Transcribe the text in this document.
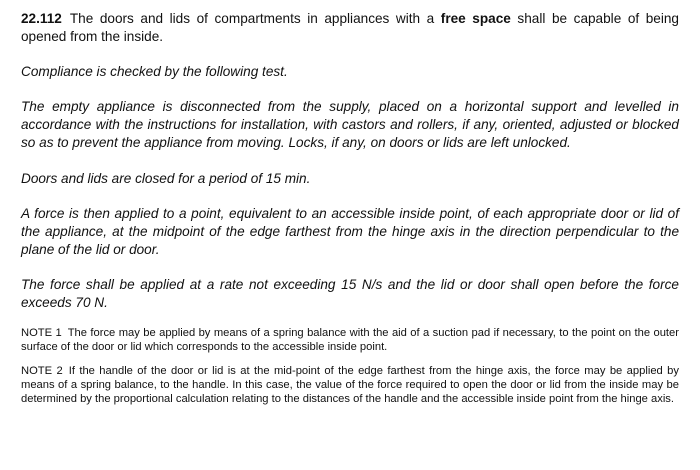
22.112 The doors and lids of compartments in appliances with a free space shall be capable of being opened from the inside.

Compliance is checked by the following test.

The empty appliance is disconnected from the supply, placed on a horizontal support and levelled in accordance with the instructions for installation, with castors and rollers, if any, oriented, adjusted or blocked so as to prevent the appliance from moving. Locks, if any, on doors or lids are left unlocked.

Doors and lids are closed for a period of 15 min.

A force is then applied to a point, equivalent to an accessible inside point, of each appropriate door or lid of the appliance, at the midpoint of the edge farthest from the hinge axis in the direction perpendicular to the plane of the lid or door.

The force shall be applied at a rate not exceeding 15 N/s and the lid or door shall open before the force exceeds 70 N.

NOTE 1 The force may be applied by means of a spring balance with the aid of a suction pad if necessary, to the point on the outer surface of the door or lid which corresponds to the accessible inside point.

NOTE 2 If the handle of the door or lid is at the mid-point of the edge farthest from the hinge axis, the force may be applied by means of a spring balance, to the handle. In this case, the value of the force required to open the door or lid from the inside may be determined by the proportional calculation relating to the distances of the handle and the accessible inside point from the hinge axis.
